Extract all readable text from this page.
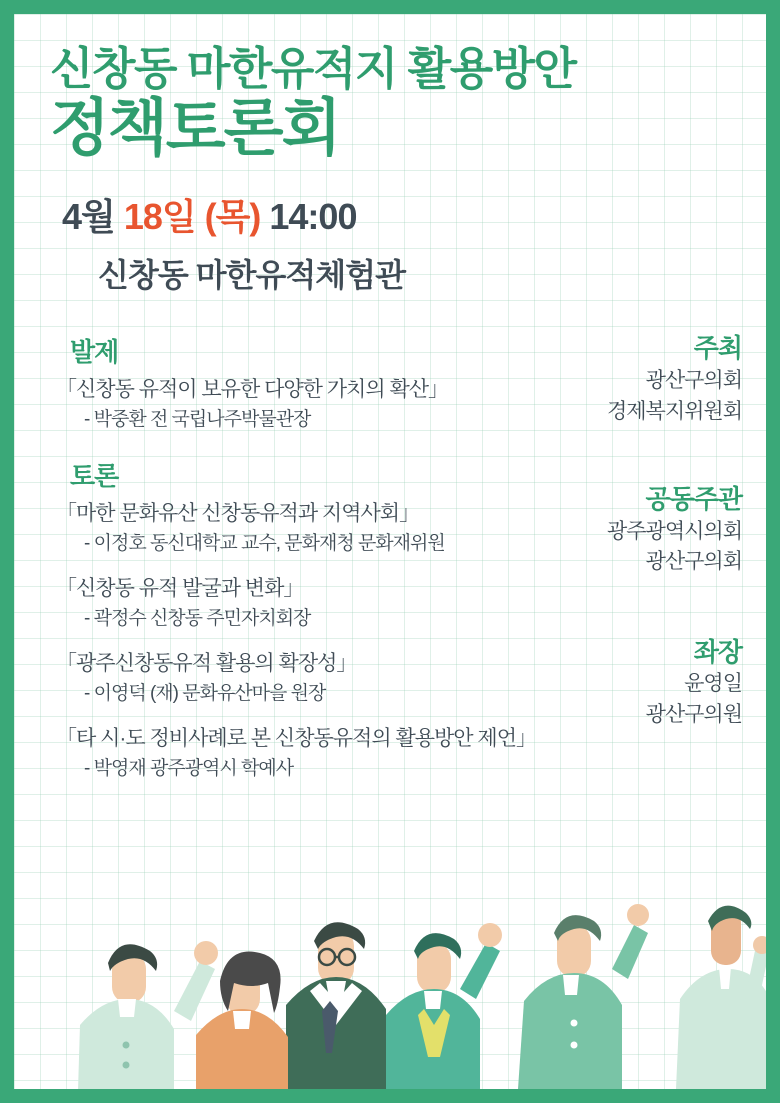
신창동 마한유적지 활용방안
정책토론회
4월 18일 (목) 14:00
신창동 마한유적체험관
발제
「신창동 유적이 보유한 다양한 가치의 확산」
- 박중환 전 국립나주박물관장
토론
「마한 문화유산 신창동유적과 지역사회」
- 이정호 동신대학교 교수, 문화재청 문화재위원
「신창동 유적 발굴과 변화」
- 곽정수 신창동 주민자치회장
「광주신창동유적 활용의 확장성」
- 이영덕 (재) 문화유산마을 원장
「타 시·도 정비사례로 본 신창동유적의 활용방안 제언」
- 박영재 광주광역시 학예사
주최
광산구의회
경제복지위원회
공동주관
광주광역시의회
광산구의회
좌장
윤영일
광산구의원
